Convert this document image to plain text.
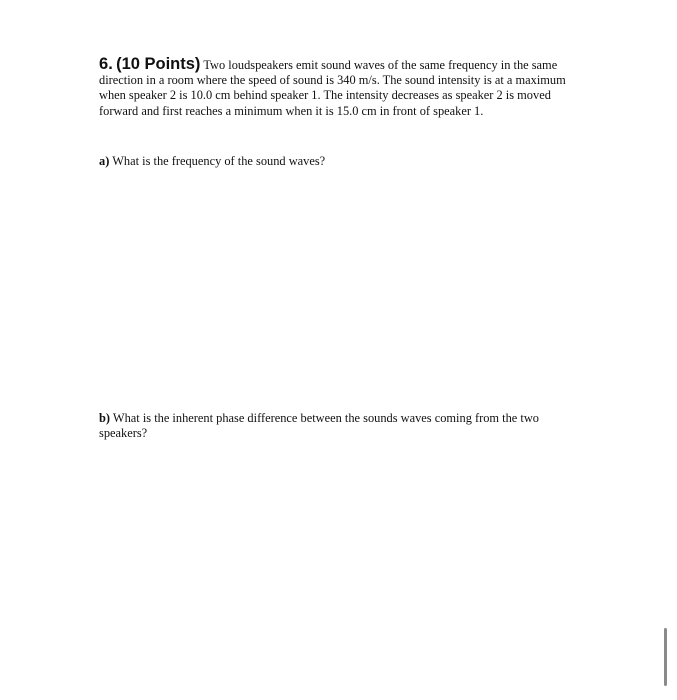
6. (10 Points) Two loudspeakers emit sound waves of the same frequency in the same direction in a room where the speed of sound is 340 m/s. The sound intensity is at a maximum when speaker 2 is 10.0 cm behind speaker 1. The intensity decreases as speaker 2 is moved forward and first reaches a minimum when it is 15.0 cm in front of speaker 1.

a) What is the frequency of the sound waves?

b) What is the inherent phase difference between the sounds waves coming from the two speakers?
